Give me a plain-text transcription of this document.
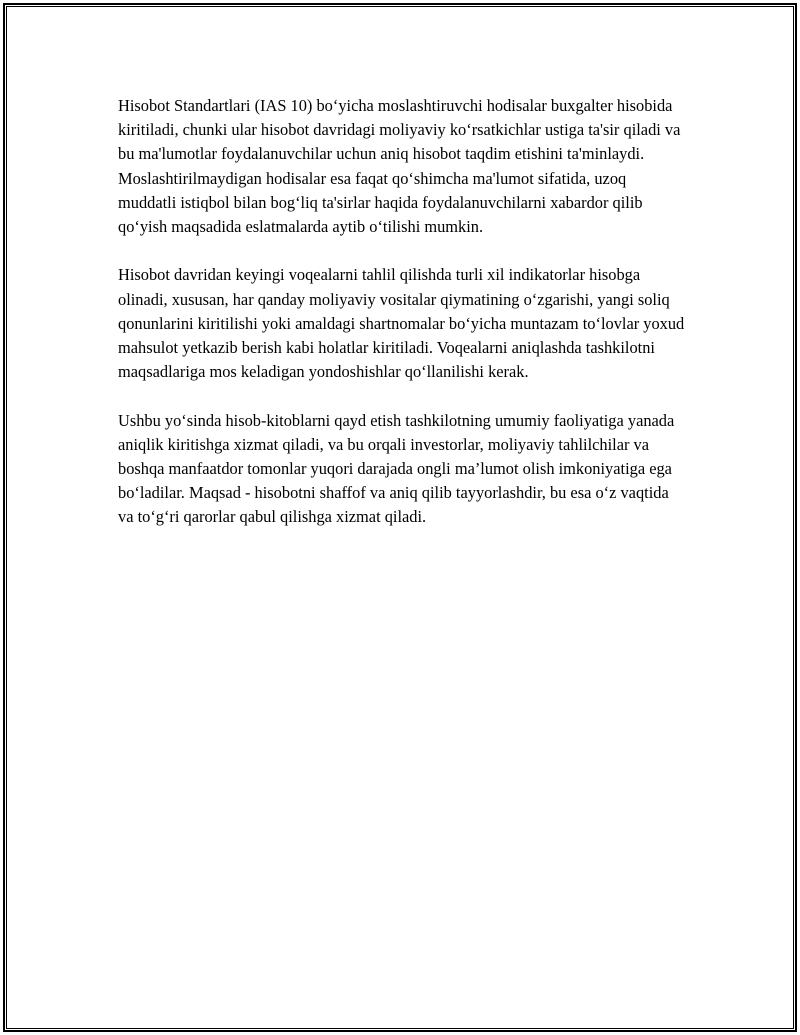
Hisobot Standartlari (IAS 10) bo‘yicha moslashtiruvchi hodisalar buxgalter hisobida kiritiladi, chunki ular hisobot davridagi moliyaviy ko‘rsatkichlar ustiga ta'sir qiladi va bu ma'lumotlar foydalanuvchilar uchun aniq hisobot taqdim etishini ta'minlaydi. Moslashtirilmaydigan hodisalar esa faqat qo‘shimcha ma'lumot sifatida, uzoq muddatli istiqbol bilan bog‘liq ta'sirlar haqida foydalanuvchilarni xabardor qilib qo‘yish maqsadida eslatmalarda aytib o‘tilishi mumkin.

Hisobot davridan keyingi voqealarni tahlil qilishda turli xil indikatorlar hisobga olinadi, xususan, har qanday moliyaviy vositalar qiymatining o‘zgarishi, yangi soliq qonunlarini kiritilishi yoki amaldagi shartnomalar bo‘yicha muntazam to‘lovlar yoxud mahsulot yetkazib berish kabi holatlar kiritiladi. Voqealarni aniqlashda tashkilotni maqsadlariga mos keladigan yondoshishlar qo‘llanilishi kerak.

Ushbu yo‘sinda hisob-kitoblarni qayd etish tashkilotning umumiy faoliyatiga yanada aniqlik kiritishga xizmat qiladi, va bu orqali investorlar, moliyaviy tahlilchilar va boshqa manfaatdor tomonlar yuqori darajada ongli ma’lumot olish imkoniyatiga ega bo‘ladilar. Maqsad - hisobotni shaffof va aniq qilib tayyorlashdir, bu esa o‘z vaqtida va to‘g‘ri qarorlar qabul qilishga xizmat qiladi.
